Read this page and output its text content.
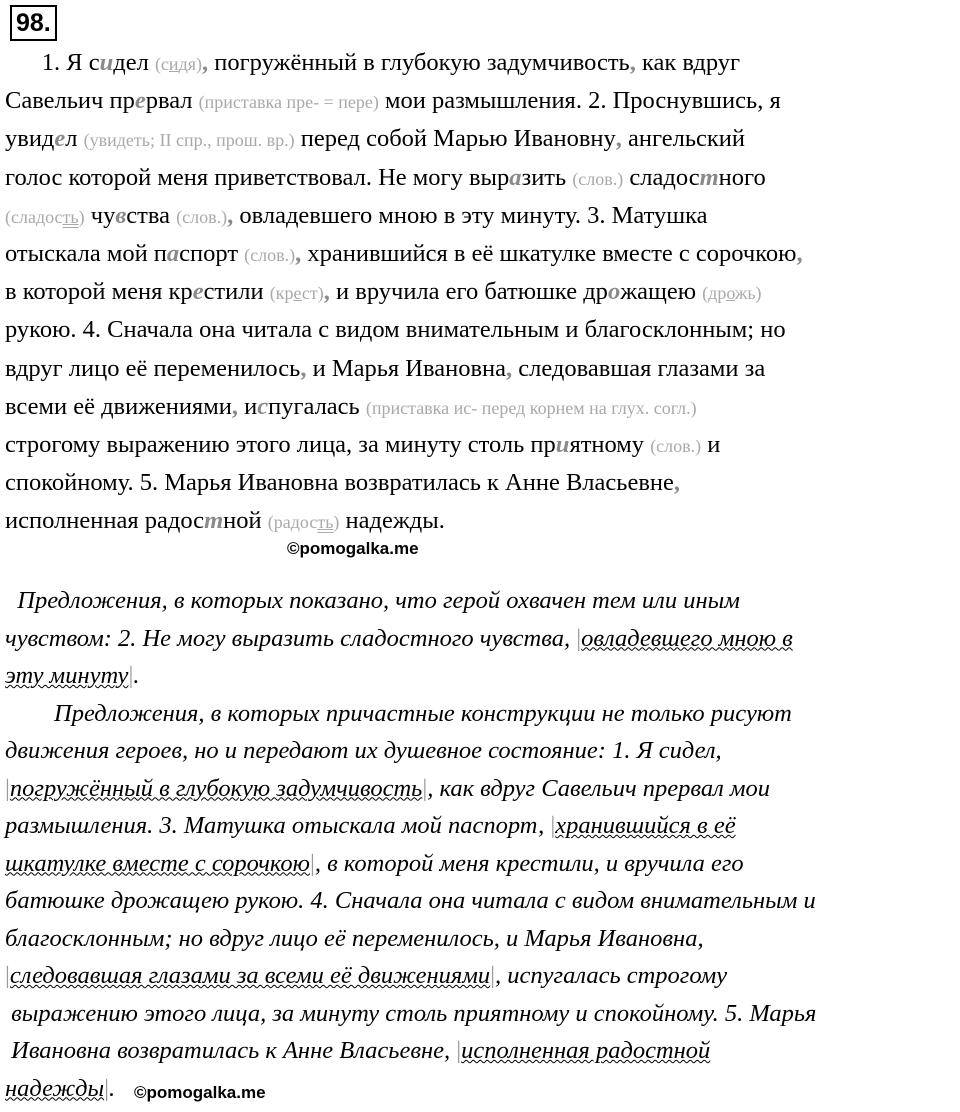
98.
1. Я сидел (сидя), погружённый в глубокую задумчивость, как вдруг
Савельич прервал (приставка пре- = пере) мои размышления. 2. Проснувшись, я
увидел (увидеть; II спр., прош. вр.) перед собой Марью Ивановну, ангельский
голос которой меня приветствовал. Не могу выразить (слов.) сладостного
(сладость) чувства (слов.), овладевшего мною в эту минуту. 3. Матушка
отыскала мой паспорт (слов.), хранившийся в её шкатулке вместе с сорочкою,
в которой меня крестили (крест), и вручила его батюшке дрожащею (дрожь)
рукою. 4. Сначала она читала с видом внимательным и благосклонным; но
вдруг лицо её переменилось, и Марья Ивановна, следовавшая глазами за
всеми её движениями, испугалась (приставка ис- перед корнем на глух. согл.)
строгому выражению этого лица, за минуту столь приятному (слов.) и
спокойному. 5. Марья Ивановна возвратилась к Анне Власьевне,
исполненная радостной (радость) надежды.
©pomogalka.me
Предложения, в которых показано, что герой охвачен тем или иным
чувством: 2. Не могу выразить сладостного чувства, |овладевшего мною в
эту минуту|.
Предложения, в которых причастные конструкции не только рисуют
движения героев, но и передают их душевное состояние: 1. Я сидел,
|погружённый в глубокую задумчивость|, как вдруг Савельич прервал мои
размышления. 3. Матушка отыскала мой паспорт, |хранившийся в её
шкатулке вместе с сорочкою|, в которой меня крестили, и вручила его
батюшке дрожащею рукою. 4. Сначала она читала с видом внимательным и
благосклонным; но вдруг лицо её переменилось, и Марья Ивановна,
|следовавшая глазами за всеми её движениями|, испугалась строгому
выражению этого лица, за минуту столь приятному и спокойному. 5. Марья
Ивановна возвратилась к Анне Власьевне, |исполненная радостной
надежды|.	©pomogalka.me
